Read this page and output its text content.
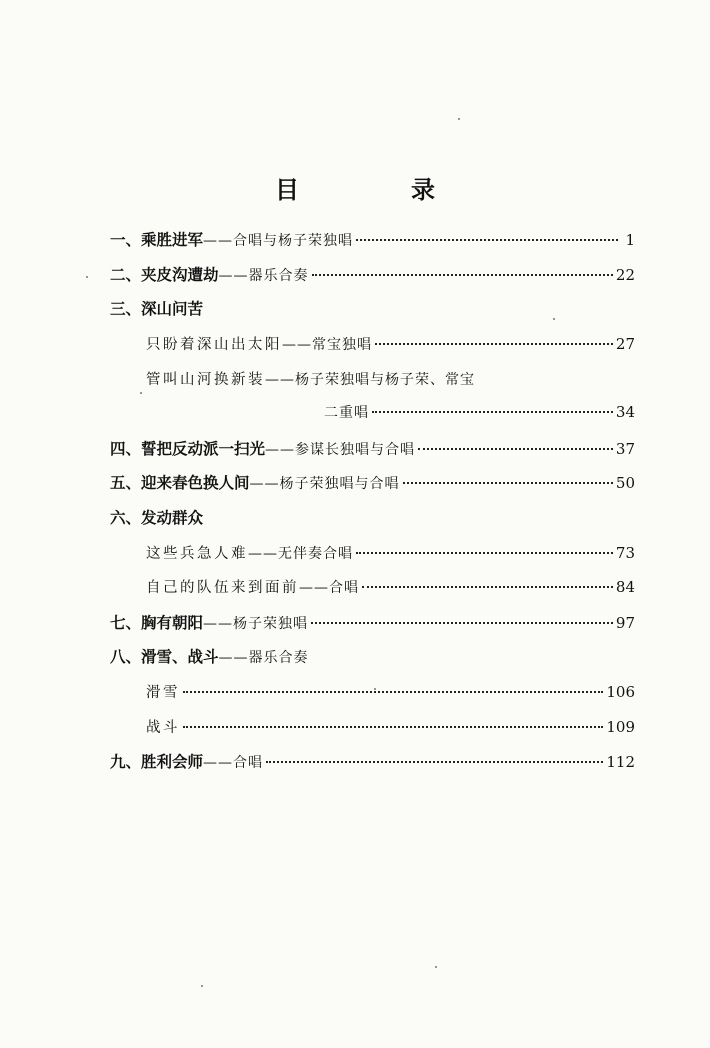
目　录
一、乘胜进军 ——合唱与杨子荣独唱	1
二、夹皮沟遭劫 ——器乐合奏	22
三、深山问苦
只盼着深山出太阳 ——常宝独唱	27
管叫山河换新装 ——杨子荣独唱与杨子荣、常宝
二重唱	34
四、誓把反动派一扫光 ——参谋长独唱与合唱	37
五、迎来春色换人间 ——杨子荣独唱与合唱	50
六、发动群众
这些兵急人难 ——无伴奏合唱	73
自己的队伍来到面前 ——合唱	84
七、胸有朝阳 ——杨子荣独唱	97
八、滑雪、战斗 ——器乐合奏
滑雪	106
战斗	109
九、胜利会师 ——合唱	112
